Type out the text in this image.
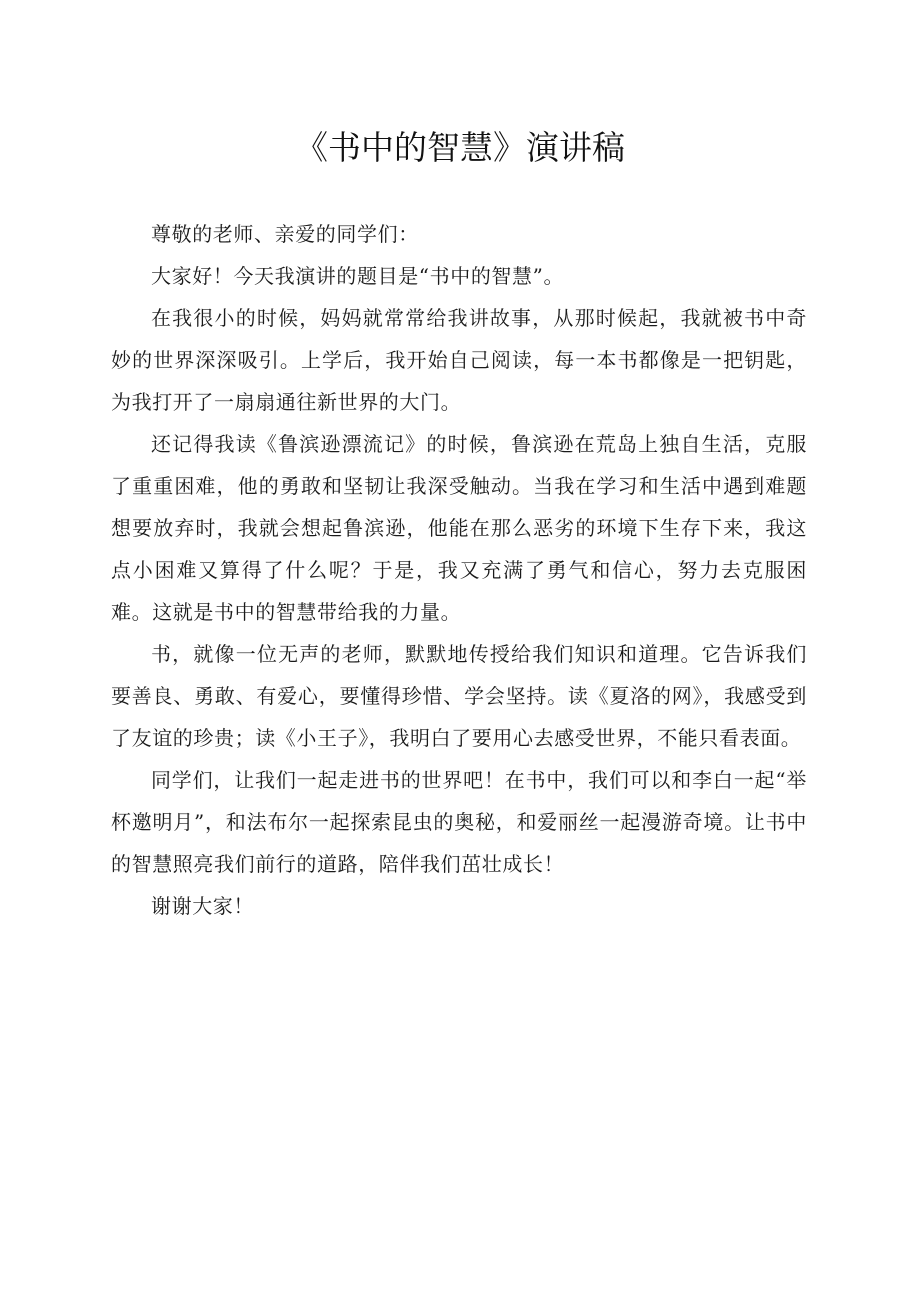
《书中的智慧》演讲稿

尊敬的老师、亲爱的同学们：

大家好！今天我演讲的题目是“书中的智慧”。

在我很小的时候，妈妈就常常给我讲故事，从那时候起，我就被书中奇妙的世界深深吸引。上学后，我开始自己阅读，每一本书都像是一把钥匙，为我打开了一扇扇通往新世界的大门。

还记得我读《鲁滨逊漂流记》的时候，鲁滨逊在荒岛上独自生活，克服了重重困难，他的勇敢和坚韧让我深受触动。当我在学习和生活中遇到难题想要放弃时，我就会想起鲁滨逊，他能在那么恶劣的环境下生存下来，我这点小困难又算得了什么呢？于是，我又充满了勇气和信心，努力去克服困难。这就是书中的智慧带给我的力量。

书，就像一位无声的老师，默默地传授给我们知识和道理。它告诉我们要善良、勇敢、有爱心，要懂得珍惜、学会坚持。读《夏洛的网》，我感受到了友谊的珍贵；读《小王子》，我明白了要用心去感受世界，不能只看表面。

同学们，让我们一起走进书的世界吧！在书中，我们可以和李白一起“举杯邀明月”，和法布尔一起探索昆虫的奥秘，和爱丽丝一起漫游奇境。让书中的智慧照亮我们前行的道路，陪伴我们茁壮成长！

谢谢大家！
